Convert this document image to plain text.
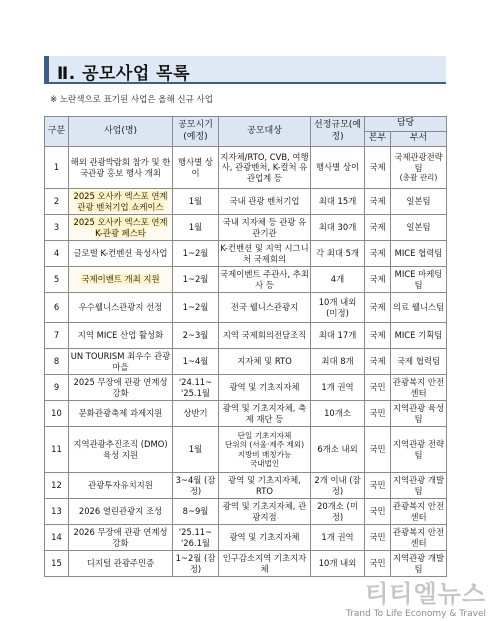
Ⅱ. 공모사업 목록
※ 노란색으로 표기된 사업은 올해 신규 사업
구분	사업(명)	공모시기(예정)	공모대상	선정규모(예정)	담당	
					본부	부서
1	해외 관광박람회 참가 및 한국관광 홍보 행사 개최	행사별 상이	지자체/RTO, CVB, 여행사, 관광벤처, K-컬처 유관업계 등	행사별 상이	국제	국제관광전략팀
(총괄 관리)

2	2025 오사카 엑스포 연계 관광 벤처기업 쇼케이스	1월	국내 관광 벤처기업	최대 15개	국제	일본팀
3	2025 오사카 엑스포 연계 K-관광 페스타	1월	국내 지자체 등 관광 유관기관	최대 30개	국제	일본팀
4	글로벌 K-컨벤션 육성사업	1~2월	K-컨벤션 및 지역 시그니처 국제회의	각 최대 5개	국제	MICE 협력팀
5	국제이벤트 개최 지원	1~2월	국제이벤트 주관사, 추최사 등	4개	국제	MICE 마케팅팀
6	우수웰니스관광지 선정	1~2월	전국 웰니스관광지	10개 내외 (미정)	국제	의료 웰니스팀
7	지역 MICE 산업 활성화	2~3월	지역 국제회의전담조직	최대 17개	국제	MICE 기획팀
8	UN TOURISM 최우수 관광마을	1~4월	지자체 및 RTO	최대 8개	국제	국제 협력팀
9	2025 무장애 관광 연계성 강화	'24.11~ '25.1월	광역 및 기초지자체	1개 권역	국민	관광복지 안전센터
10	문화관광축제 과제지원	상반기	광역 및 기초지자체, 축제 재단 등	10개소	국민	지역관광 육성팀
11	지역관광추진조직 (DMO) 육성 지원	1월	단일 기초지자체
단위의 (서울·제주 제외)
지방비 매칭가능
국내법인	6개소 내외	국민	지역관광 전략팀
12	관광투자유치지원	3~4월 (잠정)	광역 및 기초지자체, RTO	2개 이내 (잠정)	국민	지역관광 개발팀
13	2026 열린관광지 조성	8~9월	광역 및 기초지자체, 관광지점	20개소 (미정)	국민	관광복지 안전센터
14	2026 무장애 관광 연계성 강화	'25.11~ '26.1월	광역 및 기초지자체	1개 권역	국민	관광복지 안전센터
15	디지털 관광주민증	1~2월 (잠정)	인구감소지역 기초지자체	10개 내외	국민	지역관광 개발팀
티티엘뉴스
Trand To Life Economy & Travel
